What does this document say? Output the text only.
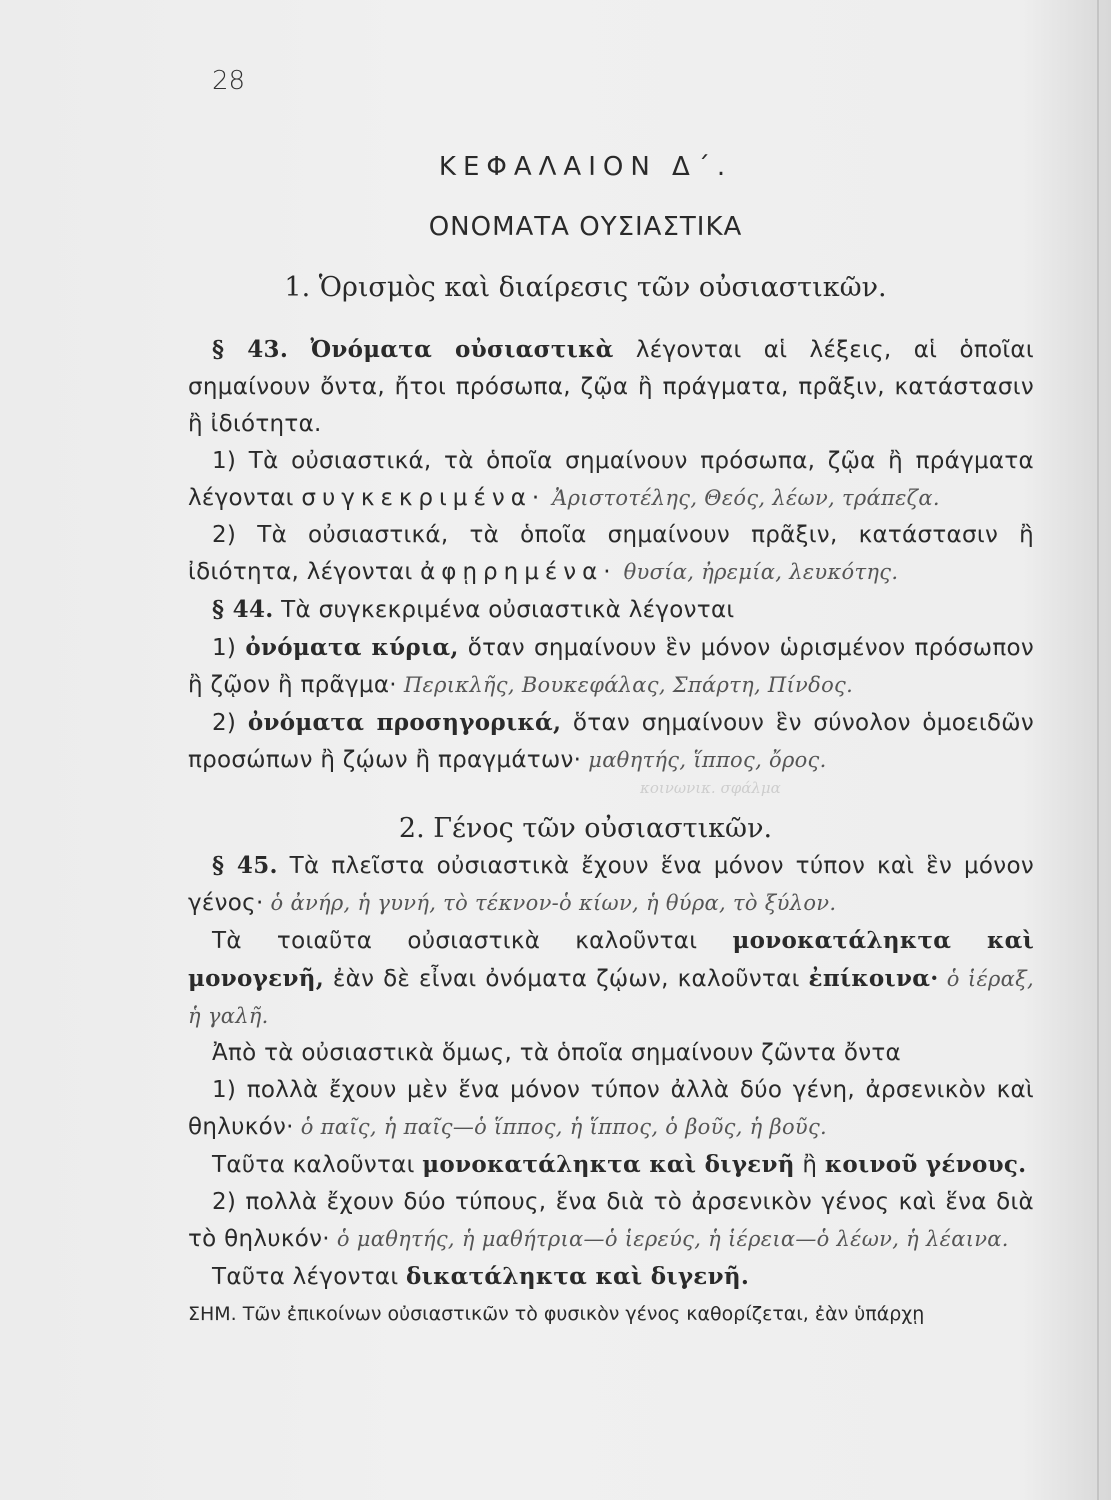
28
ΚΕΦΑΛΑΙΟΝ Δ΄.
ΟΝΟΜΑΤΑ ΟΥΣΙΑΣΤΙΚΑ
1. Ὁρισμὸς καὶ διαίρεσις τῶν οὐσιαστικῶν.
2. Γένος τῶν οὐσιαστικῶν.
κοινωνικ. σφάλμα

§ 43. Ὀνόματα οὐσιαστικὰ λέγονται αἱ λέξεις, αἱ ὁποῖαι σημαίνουν ὄντα, ἤτοι πρόσωπα, ζῷα ἢ πράγματα, πρᾶξιν, κατάστασιν ἢ ἰδιότητα.

1) Τὰ οὐσιαστικά, τὰ ὁποῖα σημαίνουν πρόσωπα, ζῷα ἢ πράγματα λέγονται συγκεκριμένα· Ἀριστοτέλης, Θεός, λέων, τράπεζα.

2) Τὰ οὐσιαστικά, τὰ ὁποῖα σημαίνουν πρᾶξιν, κατάστασιν ἢ ἰδιότητα, λέγονται ἀφῃρημένα· θυσία, ἠρεμία, λευκότης.

§ 44. Τὰ συγκεκριμένα οὐσιαστικὰ λέγονται

1) ὀνόματα κύρια, ὅταν σημαίνουν ἓν μόνον ὡρισμένον πρόσωπον ἢ ζῷον ἢ πρᾶγμα· Περικλῆς, Βουκεφάλας, Σπάρτη, Πίνδος.

2) ὀνόματα προσηγορικά, ὅταν σημαίνουν ἓν σύνολον ὁμοειδῶν προσώπων ἢ ζῴων ἢ πραγμάτων· μαθητής, ἵππος, ὄρος.

§ 45. Τὰ πλεῖστα οὐσιαστικὰ ἔχουν ἕνα μόνον τύπον καὶ ἓν μόνον γένος· ὁ ἀνήρ, ἡ γυνή, τὸ τέκνον-ὁ κίων, ἡ θύρα, τὸ ξύλον.

Τὰ τοιαῦτα οὐσιαστικὰ καλοῦνται μονοκατάληκτα καὶ μονογενῆ, ἐὰν δὲ εἶναι ὀνόματα ζῴων, καλοῦνται ἐπίκοινα· ὁ ἱέραξ, ἡ γαλῆ.

Ἀπὸ τὰ οὐσιαστικὰ ὅμως, τὰ ὁποῖα σημαίνουν ζῶντα ὄντα

1) πολλὰ ἔχουν μὲν ἕνα μόνον τύπον ἀλλὰ δύο γένη, ἀρσενικὸν καὶ θηλυκόν· ὁ παῖς, ἡ παῖς—ὁ ἵππος, ἡ ἵππος, ὁ βοῦς, ἡ βοῦς.

Ταῦτα καλοῦνται μονοκατάληκτα καὶ διγενῆ ἢ κοινοῦ γένους.

2) πολλὰ ἔχουν δύο τύπους, ἕνα διὰ τὸ ἀρσενικὸν γένος καὶ ἕνα διὰ τὸ θηλυκόν· ὁ μαθητής, ἡ μαθήτρια—ὁ ἱερεύς, ἡ ἱέρεια—ὁ λέων, ἡ λέαινα.

Ταῦτα λέγονται δικατάληκτα καὶ διγενῆ.

ΣΗΜ. Τῶν ἐπικοίνων οὐσιαστικῶν τὸ φυσικὸν γένος καθορίζεται, ἐὰν ὑπάρχῃ
